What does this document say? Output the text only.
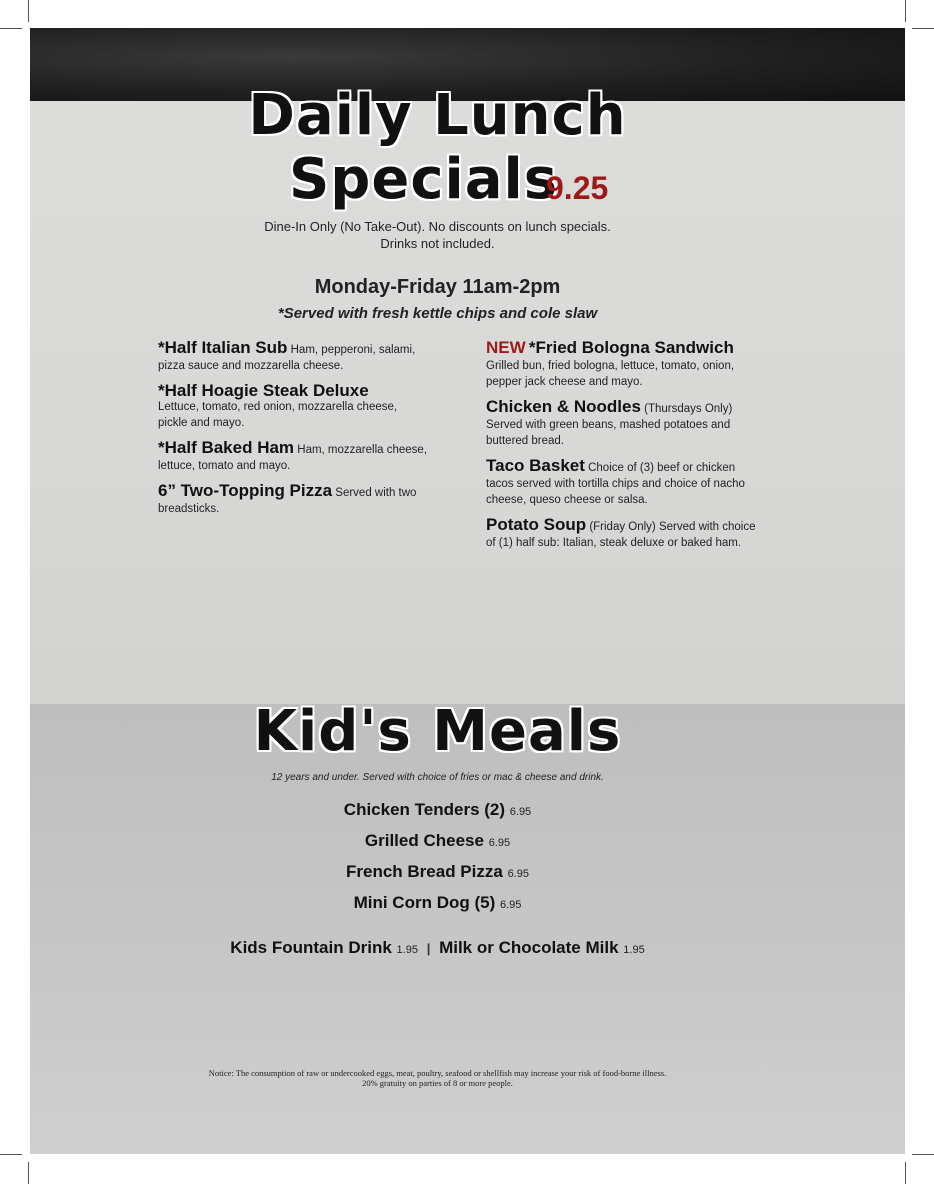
Daily Lunch
Specials
9.25
Dine-In Only (No Take-Out). No discounts on lunch specials.
Drinks not included.
Monday-Friday 11am-2pm
*Served with fresh kettle chips and cole slaw
*Half Italian Sub Ham, pepperoni, salami, pizza sauce and mozzarella cheese.
*Half Hoagie Steak Deluxe
Lettuce, tomato, red onion, mozzarella cheese, pickle and mayo.
*Half Baked Ham Ham, mozzarella cheese, lettuce, tomato and mayo.
6” Two-Topping Pizza Served with two breadsticks.
NEW *Fried Bologna Sandwich Grilled bun, fried bologna, lettuce, tomato, onion, pepper jack cheese and mayo.
Chicken & Noodles (Thursdays Only)
Served with green beans, mashed potatoes and buttered bread.
Taco Basket Choice of (3) beef or chicken tacos served with tortilla chips and choice of nacho cheese, queso cheese or salsa.
Potato Soup (Friday Only) Served with choice of (1) half sub: Italian, steak deluxe or baked ham.
Kid's Meals
12 years and under. Served with choice of fries or mac & cheese and drink.
Chicken Tenders (2) 6.95
Grilled Cheese 6.95
French Bread Pizza 6.95
Mini Corn Dog (5) 6.95
Kids Fountain Drink 1.95 | Milk or Chocolate Milk 1.95
Notice: The consumption of raw or undercooked eggs, meat, poultry, seafood or shellfish may increase your risk of food-borne illness.
20% gratuity on parties of 8 or more people.
